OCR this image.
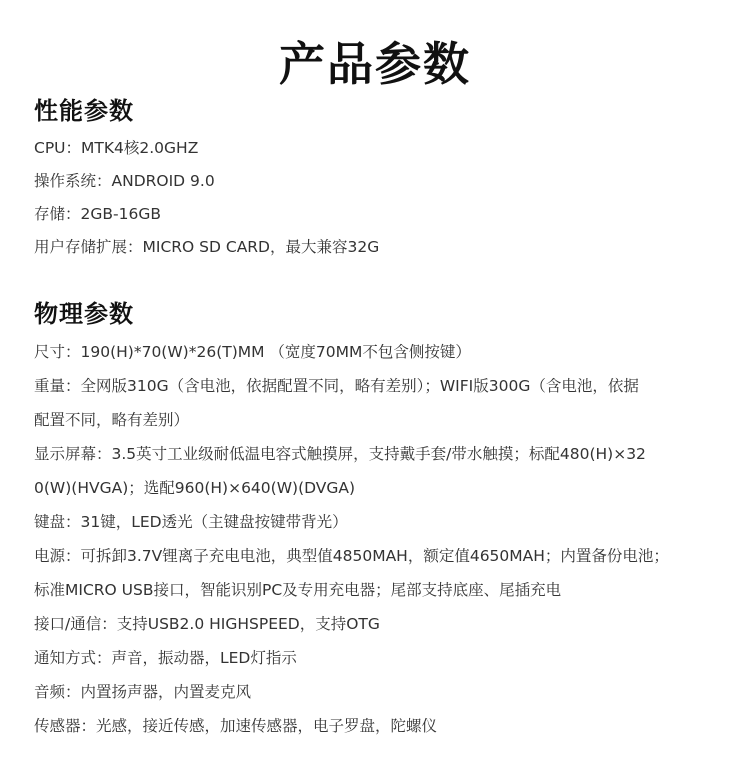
产品参数
性能参数
CPU：MTK4核2.0GHZ
操作系统：ANDROID 9.0
存储：2GB-16GB
用户存储扩展：MICRO SD CARD，最大兼容32G
物理参数
尺寸：190(H)*70(W)*26(T)MM （宽度70MM不包含侧按键）
重量：全网版310G（含电池，依据配置不同，略有差别）；WIFI版300G（含电池，依据
配置不同，略有差别）
显示屏幕：3.5英寸工业级耐低温电容式触摸屏，支持戴手套/带水触摸；标配480(H)×32
0(W)(HVGA)；选配960(H)×640(W)(DVGA)
键盘：31键，LED透光（主键盘按键带背光）
电源：可拆卸3.7V锂离子充电电池，典型值4850MAH，额定值4650MAH；内置备份电池；
标准MICRO USB接口，智能识别PC及专用充电器；尾部支持底座、尾插充电
接口/通信：支持USB2.0 HIGHSPEED，支持OTG
通知方式：声音，振动器，LED灯指示
音频：内置扬声器，内置麦克风
传感器：光感，接近传感，加速传感器，电子罗盘，陀螺仪
